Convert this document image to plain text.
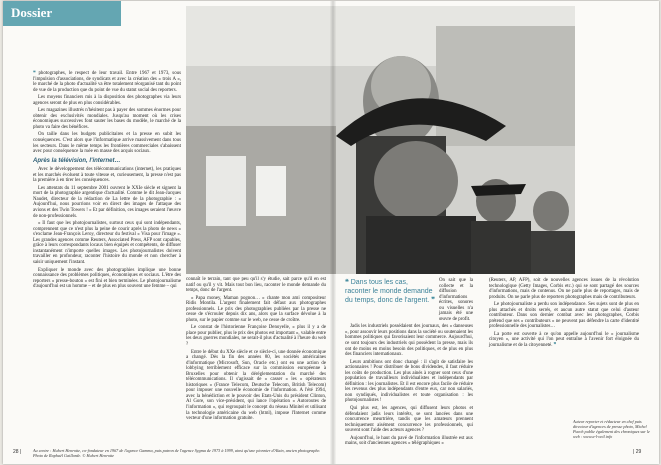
Dossier

❝ photographes, le respect de leur travail. Entre 1967 et 1973, sous l'impulsion d'associations, de syndicats et avec la création des « trois A », le marché de la photo d'actualité va être totalement réorganisé tant du point de vue de la production que du point de vue du statut social des reporters.

Les moyens financiers mis à la disposition des photographes via leurs agences seront de plus en plus considérables.

Les magazines illustrés n'hésitent pas à payer des sommes énormes pour obtenir des exclusivités mondiales. Jusqu'au moment où les crises économiques successives font sauter les bases du modèle, le marché de la photo va faire des bénéfices.

On taille dans les budgets publicitaires et la presse en subit les conséquences. C'est alors que l'informatique arrive massivement dans tous les secteurs. Dans le même temps les frontières commerciales s'abaissent avec pour conséquence la ruée en masse des acquis sociaux.

Après la télévision, l'internet…

Avec le développement des télécommunications (internet), les pratiques et les marchés évoluent à toute vitesse et, curieusement, la presse n'est pas la première à en tirer les conséquences.

Les attentats du 11 septembre 2001 ouvrent le XXIe siècle et signent la mort de la photographie argentique d'actualité. Comme le dit Jean-Jacques Naudet, directeur de la rédaction de La lettre de la photographie : « Aujourd'hui, nous pourrions voir en direct des images de l'attaque des avions et des Twin Towers ! » Et par définition, ces images seraient l'œuvre de non-professionnels.

« Il faut que les photojournalistes, surtout ceux qui sont indépendants, comprennent que ce n'est plus la peine de courir après la photo de news » s'exclame Jean-François Leroy, directeur du festival « Visa pour l'image ». Les grandes agences comme Reuters, Associated Press, AFP sont capables, grâce à leurs correspondants locaux bien équipés et compétents, de diffuser instantanément n'importe quelles images. Les photojournalistes doivent travailler en profondeur, raconter l'histoire du monde et non chercher à saisir uniquement l'instant.

Expliquer le monde avec des photographies implique une bonne connaissance des problèmes politiques, économiques et sociaux. L'être des reporters « presse-bouton » est fini et bien terminées. Le photojournalisme d'aujourd'hui est un homme – et de plus en plus souvent une femme – qui

connaît le terrain, tant que peu qu'il s'y étudie, sait parce qu'il en est natif ou qu'il y vit. Mais tout bon lieu, raconter le monde demande du temps, donc de l'argent.

« Papa money, Maman pognon… » chante mon ami compositeur Ridis Montila. L'argent finalement fait défaut aux photographes professionnels. Le prix des photographies publiées par la presse ne cesse de s'écrouler depuis dix ans, alors que la surface dévolue à la photo, sur le papier comme sur le web, ne cesse de croître.

Le constat de l'historienne Françoise Denoyelle, « plus il y a de place pour publier, plus le prix des photos est important », valable entre les deux guerres mondiales, ne serait-il plus d'actualité à l'heure du web ?

Entre le début du XXe siècle et ce siècle-ci, une donnée économique a changé. Dès la fin des années 80, les sociétés américaines d'informatique (Microsoft, Sun, Oracle etc.) ont eu une action de lobbying terriblement efficace sur la commission européenne à Bruxelles pour obtenir la déréglementation du marché des télécommunications. Il s'agissait de « casser » les « opérateurs historiques » (France Telecom, Deutsche Telecom, British Telecom) pour imposer une nouvelle économie de l'information. A l'été 1994, avec la bénédiction et le pouvoir des Etats-Unis du président Clinton, Al Gore, son vice-président, qui lance l'opération « Autoroutes de l'information », qui regroupait le concept du réseau Minitel et utilisant la technologie américaine du web (html), impose l'Internet comme vecteur d'une information gratuite.

❝ Dans tous les cas, raconter le monde demande du temps, donc de l'argent. ❞

On sait que la collecte et la diffusion d'informations écrites, sonores ou visuelles n'a jamais été une œuvre de profit.

Jadis les industriels possédaient des journaux, des « danseuses », pour assouvir leurs positions dans la société ou soutenaient les hommes politiques qui favorisaient leur commerce. Aujourd'hui, ce sont toujours des industriels qui possèdent la presse, mais ils ont de moins en moins besoin des politiques, et de plus en plus des financiers internationaux.

Leurs ambitions ont donc changé : il s'agit de satisfaire les actionnaires ! Pour distribuer de bons dividendes, il faut réduire les coûts de production. Les plus ainés à rogner sont ceux d'une population de travailleurs individualistes et indépendants par définition : les journalistes. Et il est encore plus facile de réduire les revenus des plus indépendants d'entre eux, car non salariés, non syndiqués, individualistes et toute organisation : les photojournalistes !

Qui plus est, les agences, qui diffusent leurs photos et défendaient jadis leurs intérêts, se sont lancées dans une concurrence meurtrière, tandis que les amateurs prennent techniquement aisément concurrence les professionnels, qui souvent sont l'aide des acteurs agences ?

Aujourd'hui, le haut du pavé de l'information illustrée est aux mains, soit d'anciennes agences « télégraphiques »

(Reuters, AP, AFP), soit de nouvelles agences issues de la révolution technologique (Getty Images, Corbis etc.) qui se sont partagé des sources d'informations, mais de contenus. On ne parle plus de reportages, mais de produits. On ne parle plus de reporters photographes mais de contributeurs.

Le photojournaliste a perdu son indépendance. Ses sujets sont de plus en plus attachés et droits serrés, et aucun autre statut que celui d'auteur contributeur. Dans son dernier combat avec les photographes, Corbis prétend que ses « contributeurs » ne peuvent pas défendre la carte d'identité professionnelle des journalistes…

La porte est ouverte à ce qu'on appelle aujourd'hui le « journalisme citoyen », une activité qui l'on peut entraîne à l'avenir fort éloignée du journalisme et de la citoyenneté. ❞

Au centre : Hubert Henrotte, co-fondateur en 1967 de l'agence Gamma, puis patron de l'agence Sygma de 1973 à 1999, ainsi qu'une pionnier d'Alain, ancien photographe. Photo de Raphaël Gaillarde. © Hubert Henrotte
Auteur reporter et rédacteur en chef puis directeur d'agences de presse photo, Michel Puech publie également des chroniques sur le web : www.a-l-oeil.info
28 |	| 29
